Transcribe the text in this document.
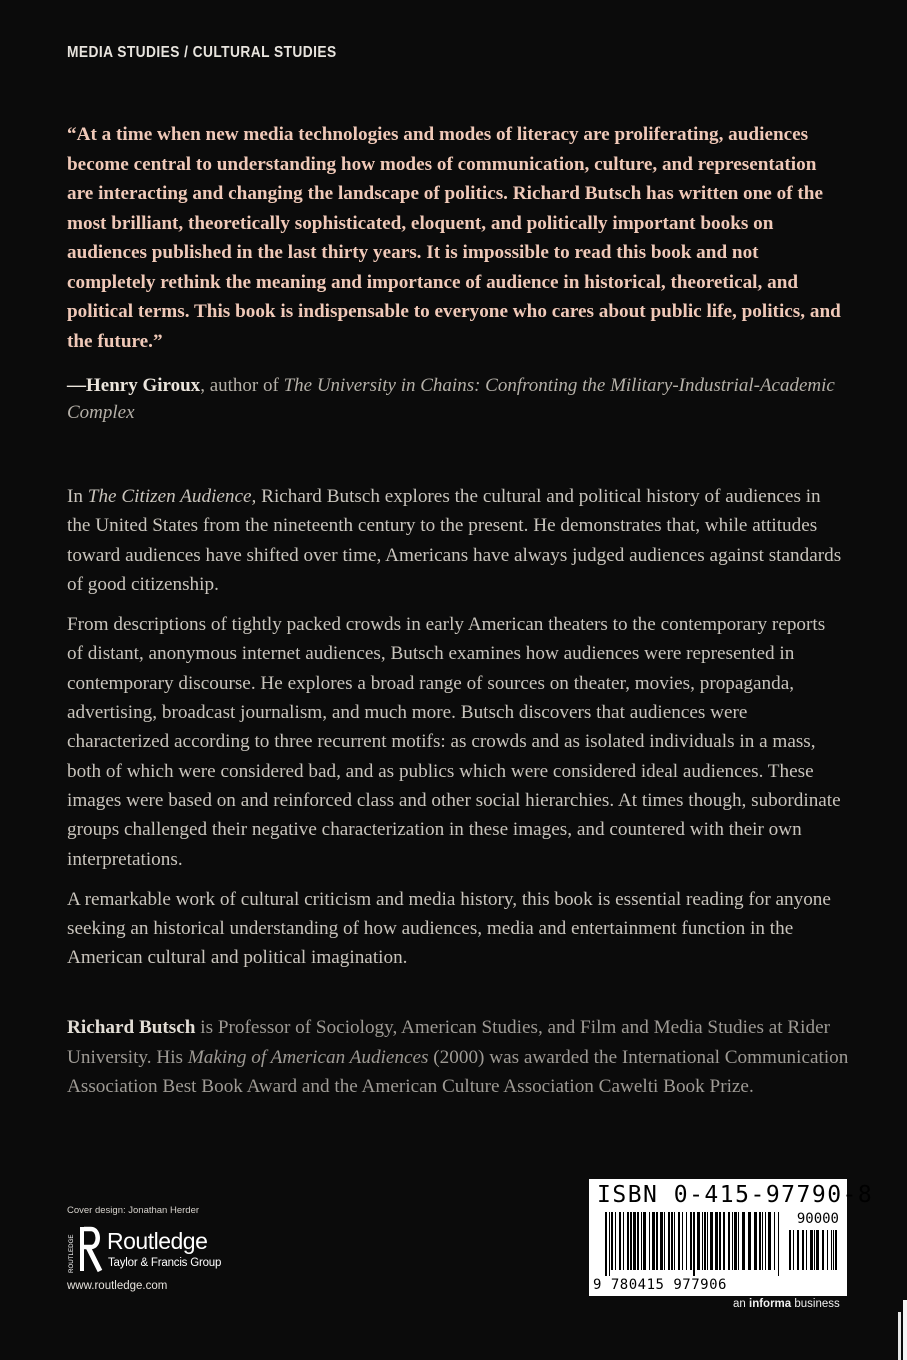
MEDIA STUDIES / CULTURAL STUDIES

“At a time when new media technologies and modes of literacy are proliferating, audiences become central to understanding how modes of communication, culture, and representation are interacting and changing the landscape of politics. Richard Butsch has written one of the most brilliant, theoretically sophisticated, eloquent, and politically important books on audiences published in the last thirty years. It is impossible to read this book and not completely rethink the meaning and importance of audience in historical, theoretical, and political terms. This book is indispensable to everyone who cares about public life, politics, and the future.”

—Henry Giroux, author of The University in Chains: Confronting the Military-Industrial-Academic Complex

In The Citizen Audience, Richard Butsch explores the cultural and political history of audiences in the United States from the nineteenth century to the present. He demonstrates that, while attitudes toward audiences have shifted over time, Americans have always judged audiences against standards of good citizenship.

From descriptions of tightly packed crowds in early American theaters to the contemporary reports of distant, anonymous internet audiences, Butsch examines how audiences were represented in contemporary discourse. He explores a broad range of sources on theater, movies, propaganda, advertising, broadcast journalism, and much more. Butsch discovers that audiences were characterized according to three recurrent motifs: as crowds and as isolated individuals in a mass, both of which were considered bad, and as publics which were considered ideal audiences. These images were based on and reinforced class and other social hierarchies. At times though, subordinate groups challenged their negative characterization in these images, and countered with their own interpretations.

A remarkable work of cultural criticism and media history, this book is essential reading for anyone seeking an historical understanding of how audiences, media and entertainment function in the American cultural and political imagination.

Richard Butsch is Professor of Sociology, American Studies, and Film and Media Studies at Rider University. His Making of American Audiences (2000) was awarded the International Communication Association Best Book Award and the American Culture Association Cawelti Book Prize.

Cover design: Jonathan Herder
ROUTLEDGE Routledge
Taylor & Francis Group
www.routledge.com
ISBN 0-415-97790-8
90000
9 780415 977906
an informa business
